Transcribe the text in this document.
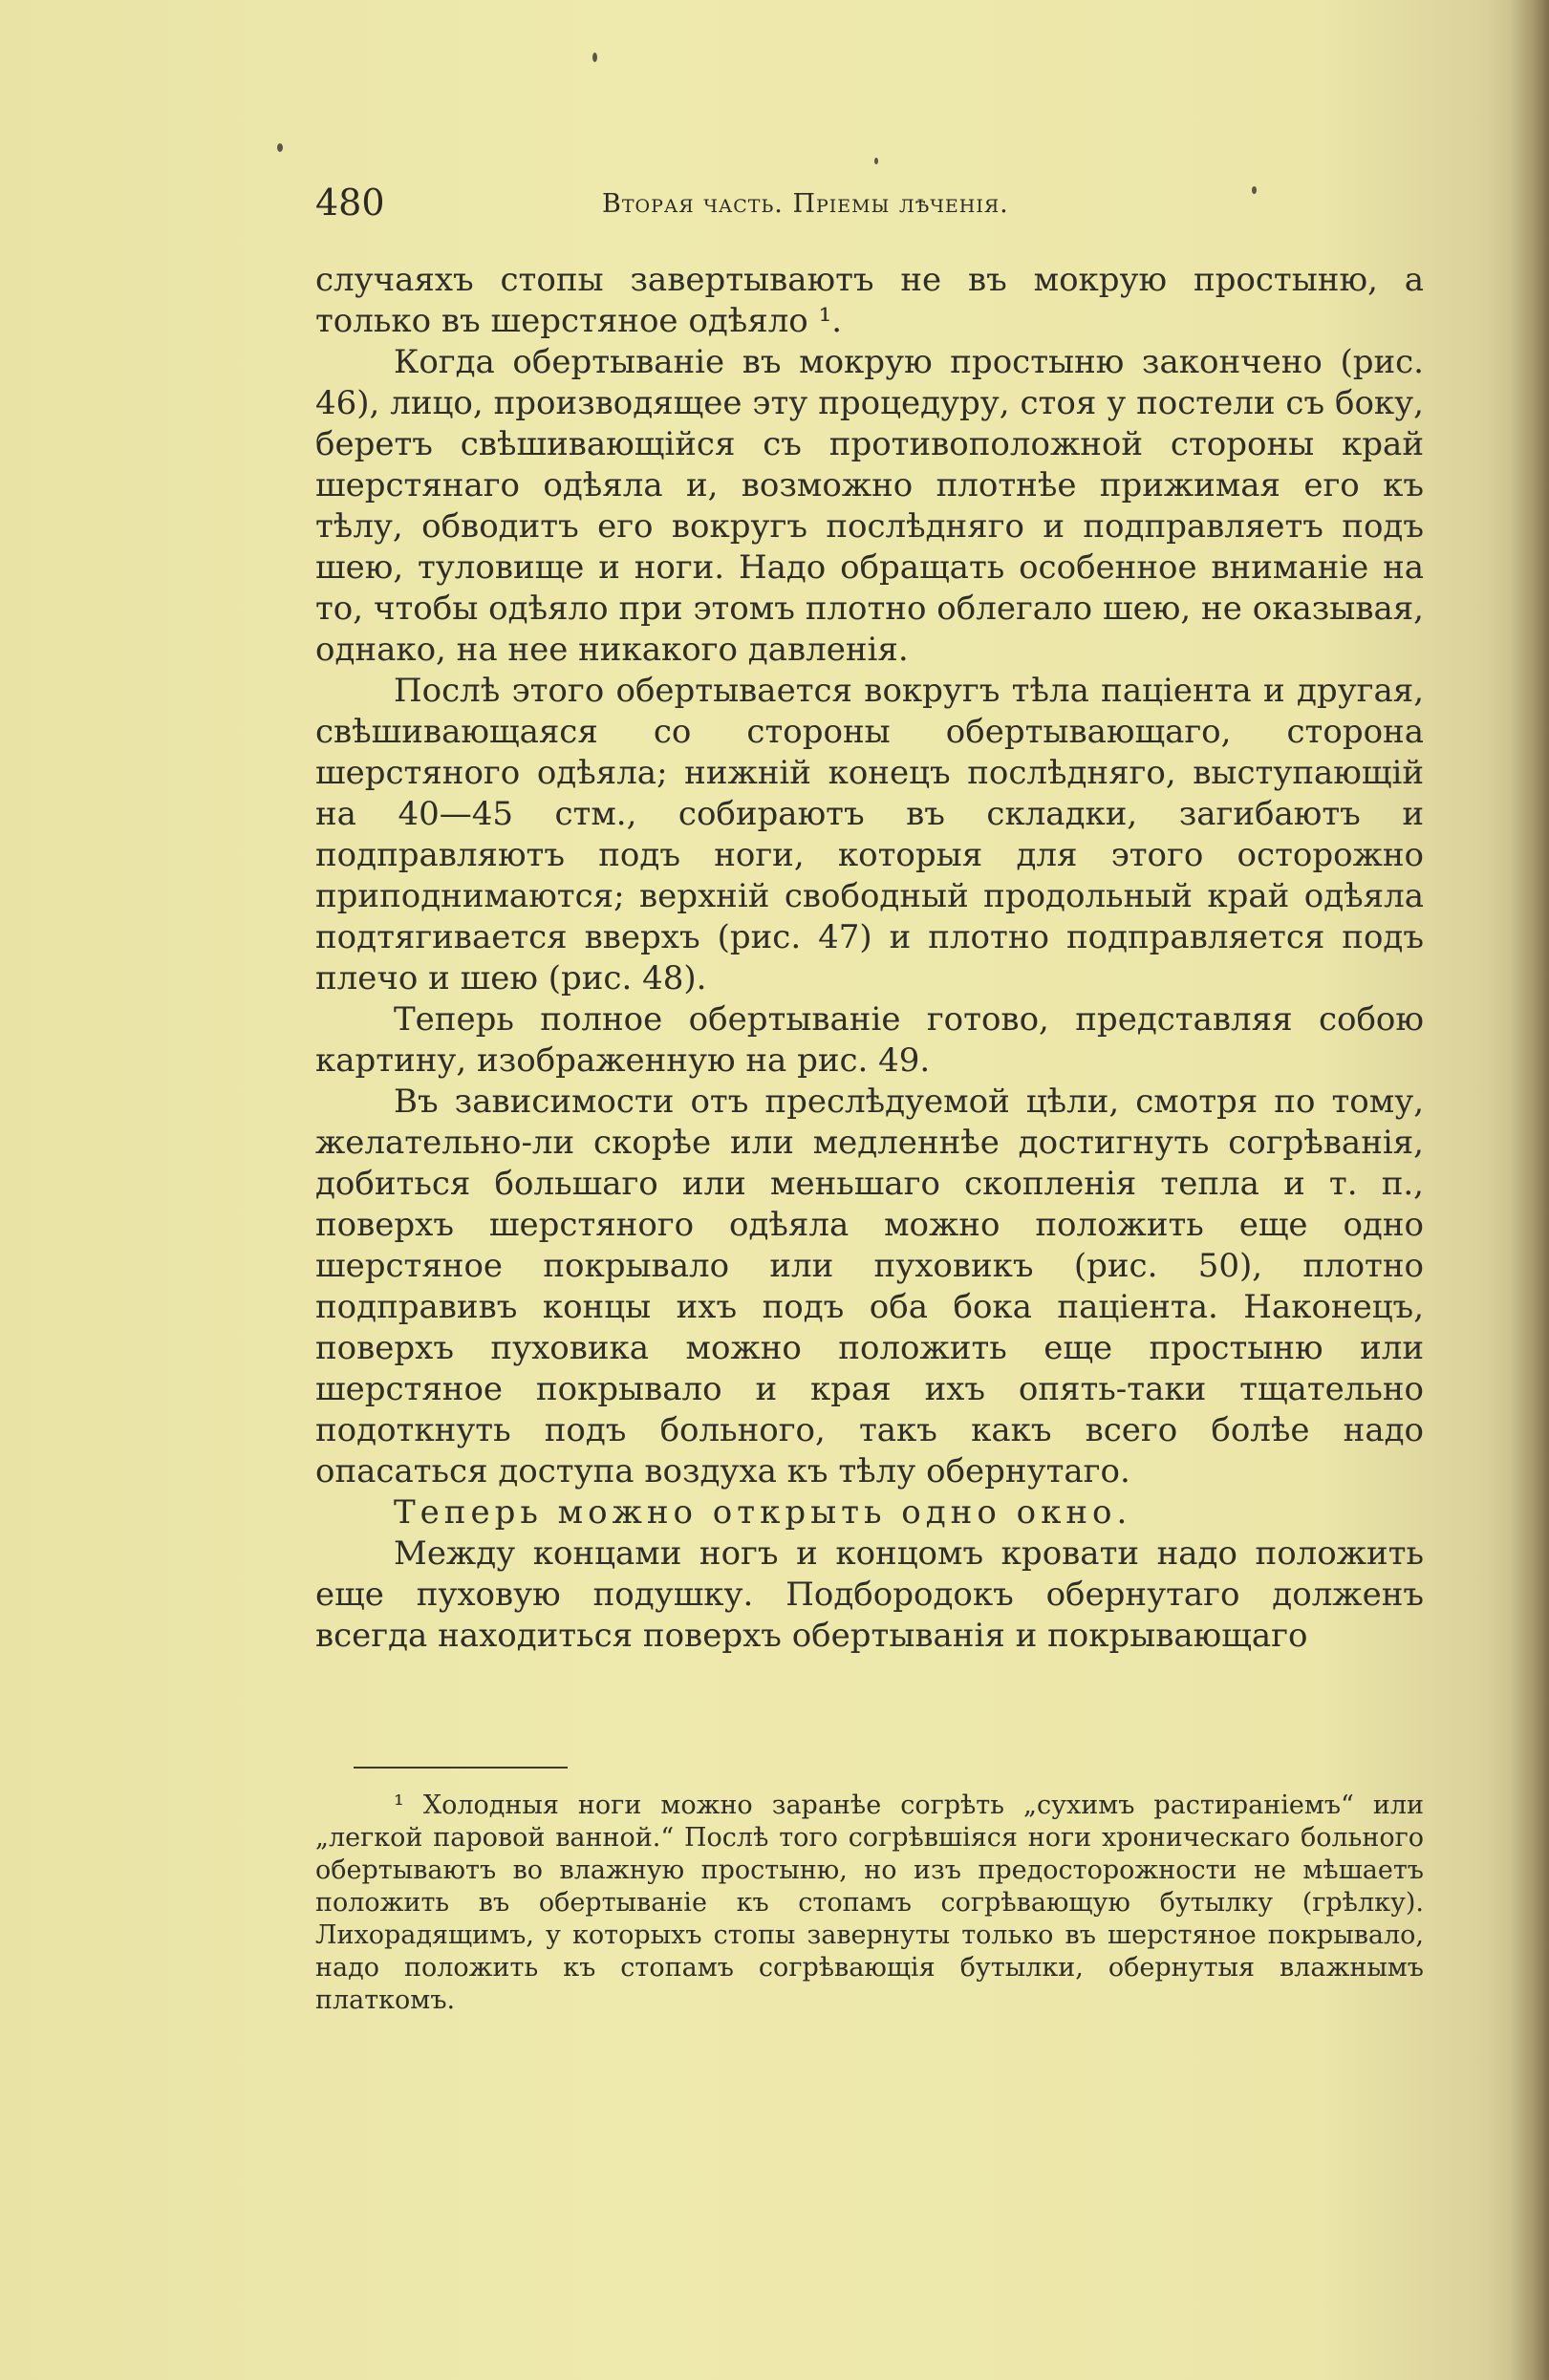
480	Вторая часть. Пріемы лѣченія.

случаяхъ стопы завертываютъ не въ мокрую простыню, а только въ шерстяное одѣяло ¹.

Когда обертываніе въ мокрую простыню закончено (рис. 46), лицо, производящее эту процедуру, стоя у постели съ боку, беретъ свѣшивающійся съ противоположной стороны край шерстянаго одѣяла и, возможно плотнѣе прижимая его къ тѣлу, обводитъ его вокругъ послѣдняго и подправляетъ подъ шею, туловище и ноги. Надо обращать особенное вниманіе на то, чтобы одѣяло при этомъ плотно облегало шею, не оказывая, однако, на нее никакого давленія.

Послѣ этого обертывается вокругъ тѣла паціента и другая, свѣшивающаяся со стороны обертывающаго, сторона шерстяного одѣяла; нижній конецъ послѣдняго, выступающій на 40—45 стм., собираютъ въ складки, загибаютъ и подправляютъ подъ ноги, которыя для этого осторожно приподнимаются; верхній свободный продольный край одѣяла подтягивается вверхъ (рис. 47) и плотно подправляется подъ плечо и шею (рис. 48).

Теперь полное обертываніе готово, представляя собою картину, изображенную на рис. 49.

Въ зависимости отъ преслѣдуемой цѣли, смотря по тому, желательно-ли скорѣе или медленнѣе достигнуть согрѣванія, добиться большаго или меньшаго скопленія тепла и т. п., поверхъ шерстяного одѣяла можно положить еще одно шерстяное покрывало или пуховикъ (рис. 50), плотно подправивъ концы ихъ подъ оба бока паціента. Наконецъ, поверхъ пуховика можно положить еще простыню или шерстяное покрывало и края ихъ опять-таки тщательно подоткнуть подъ больного, такъ какъ всего болѣе надо опасаться доступа воздуха къ тѣлу обернутаго.

Теперь можно открыть одно окно.

Между концами ногъ и концомъ кровати надо положить еще пуховую подушку. Подбородокъ обернутаго долженъ всегда находиться поверхъ обертыванія и покрывающаго

¹ Холодныя ноги можно заранѣе согрѣть „сухимъ растираніемъ“ или „легкой паровой ванной.“ Послѣ того согрѣвшіяся ноги хроническаго больного обертываютъ во влажную простыню, но изъ предосторожности не мѣшаетъ положить въ обертываніе къ стопамъ согрѣвающую бутылку (грѣлку). Лихорадящимъ, у которыхъ стопы завернуты только въ шерстяное покрывало, надо положить къ стопамъ согрѣвающія бутылки, обернутыя влажнымъ платкомъ.
